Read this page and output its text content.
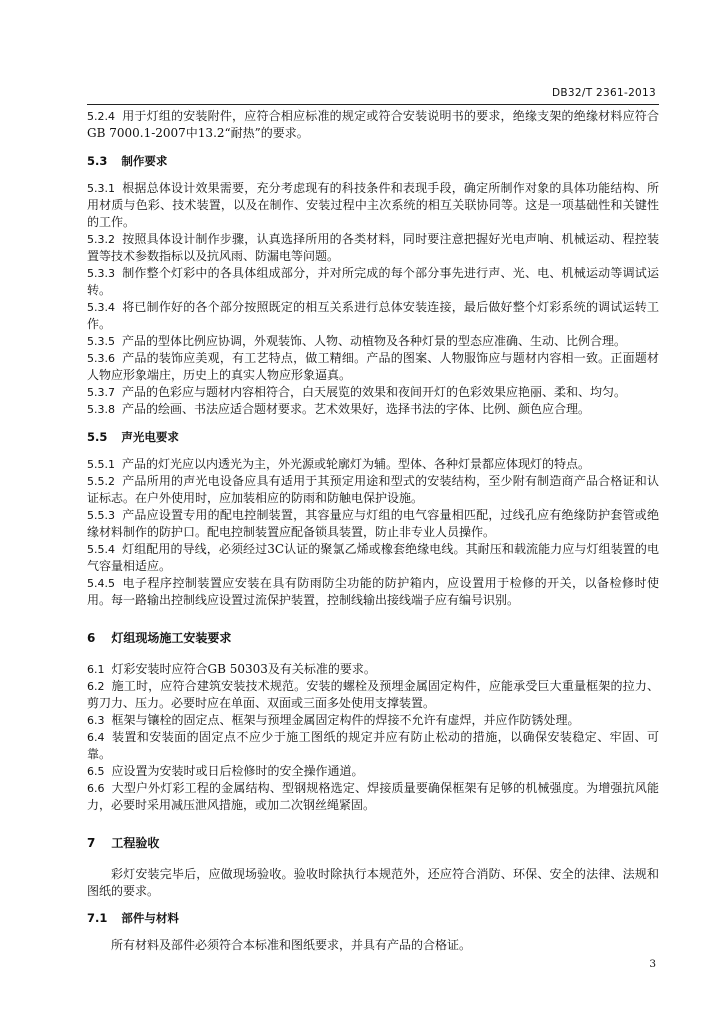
DB32/T 2361-2013

5.2.4 用于灯组的安装附件，应符合相应标准的规定或符合安装说明书的要求，绝缘支架的绝缘材料应符合GB 7000.1-2007中13.2“耐热”的要求。

5.3 制作要求

5.3.1 根据总体设计效果需要，充分考虑现有的科技条件和表现手段，确定所制作对象的具体功能结构、所用材质与色彩、技术装置，以及在制作、安装过程中主次系统的相互关联协同等。这是一项基础性和关键性的工作。

5.3.2 按照具体设计制作步骤，认真选择所用的各类材料，同时要注意把握好光电声响、机械运动、程控装置等技术参数指标以及抗风雨、防漏电等问题。

5.3.3 制作整个灯彩中的各具体组成部分，并对所完成的每个部分事先进行声、光、电、机械运动等调试运转。

5.3.4 将已制作好的各个部分按照既定的相互关系进行总体安装连接，最后做好整个灯彩系统的调试运转工作。

5.3.5 产品的型体比例应协调，外观装饰、人物、动植物及各种灯景的型态应准确、生动、比例合理。

5.3.6 产品的装饰应美观，有工艺特点，做工精细。产品的图案、人物服饰应与题材内容相一致。正面题材人物应形象端庄，历史上的真实人物应形象逼真。

5.3.7 产品的色彩应与题材内容相符合，白天展览的效果和夜间开灯的色彩效果应艳丽、柔和、均匀。

5.3.8 产品的绘画、书法应适合题材要求。艺术效果好，选择书法的字体、比例、颜色应合理。

5.5 声光电要求

5.5.1 产品的灯光应以内透光为主，外光源或轮廓灯为辅。型体、各种灯景都应体现灯的特点。

5.5.2 产品所用的声光电设备应具有适用于其预定用途和型式的安装结构，至少附有制造商产品合格证和认证标志。在户外使用时，应加装相应的防雨和防触电保护设施。

5.5.3 产品应设置专用的配电控制装置，其容量应与灯组的电气容量相匹配，过线孔应有绝缘防护套管或绝缘材料制作的防护口。配电控制装置应配备锁具装置，防止非专业人员操作。

5.5.4 灯组配用的导线，必须经过3C认证的聚氯乙烯或橡套绝缘电线。其耐压和载流能力应与灯组装置的电气容量相适应。

5.4.5 电子程序控制装置应安装在具有防雨防尘功能的防护箱内，应设置用于检修的开关，以备检修时使用。每一路输出控制线应设置过流保护装置，控制线输出接线端子应有编号识别。

6 灯组现场施工安装要求

6.1 灯彩安装时应符合GB 50303及有关标准的要求。

6.2 施工时，应符合建筑安装技术规范。安装的螺栓及预埋金属固定构件，应能承受巨大重量框架的拉力、剪刀力、压力。必要时应在单面、双面或三面多处使用支撑装置。

6.3 框架与镶栓的固定点、框架与预埋金属固定构件的焊接不允许有虚焊，并应作防锈处理。

6.4 装置和安装面的固定点不应少于施工图纸的规定并应有防止松动的措施，以确保安装稳定、牢固、可靠。

6.5 应设置为安装时或日后检修时的安全操作通道。

6.6 大型户外灯彩工程的金属结构、型钢规格选定、焊接质量要确保框架有足够的机械强度。为增强抗风能力，必要时采用减压泄风措施，或加二次钢丝绳紧固。

7 工程验收

彩灯安装完毕后，应做现场验收。验收时除执行本规范外，还应符合消防、环保、安全的法律、法规和图纸的要求。

7.1 部件与材料

所有材料及部件必须符合本标准和图纸要求，并具有产品的合格证。

3
